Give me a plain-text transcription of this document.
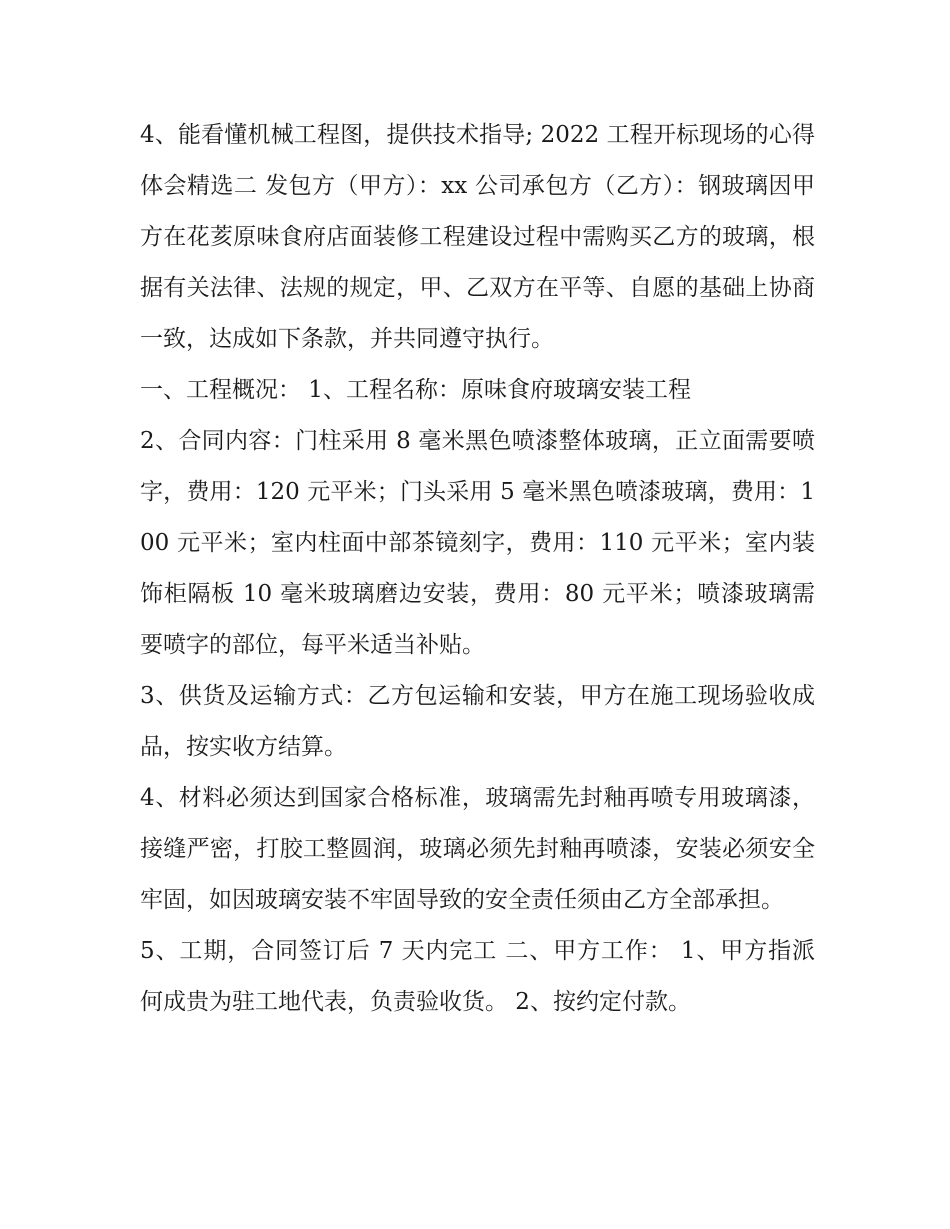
4、能看懂机械工程图，提供技术指导; 2022 工程开标现场的心得体会精选二 发包方（甲方）：xx 公司承包方（乙方）：钢玻璃因甲方在花荄原味食府店面装修工程建设过程中需购买乙方的玻璃，根据有关法律、法规的规定，甲、乙双方在平等、自愿的基础上协商一致，达成如下条款，并共同遵守执行。

一、工程概况： 1、工程名称：原味食府玻璃安装工程

2、合同内容：门柱采用 8 毫米黑色喷漆整体玻璃，正立面需要喷字，费用：120 元平米；门头采用 5 毫米黑色喷漆玻璃，费用：100 元平米；室内柱面中部茶镜刻字，费用：110 元平米；室内装饰柜隔板 10 毫米玻璃磨边安装，费用：80 元平米；喷漆玻璃需要喷字的部位，每平米适当补贴。

3、供货及运输方式：乙方包运输和安装，甲方在施工现场验收成品，按实收方结算。

4、材料必须达到国家合格标准，玻璃需先封釉再喷专用玻璃漆，接缝严密，打胶工整圆润，玻璃必须先封釉再喷漆，安装必须安全牢固，如因玻璃安装不牢固导致的安全责任须由乙方全部承担。

5、工期，合同签订后 7 天内完工 二、甲方工作： 1、甲方指派 何成贵为驻工地代表，负责验收货。 2、按约定付款。
